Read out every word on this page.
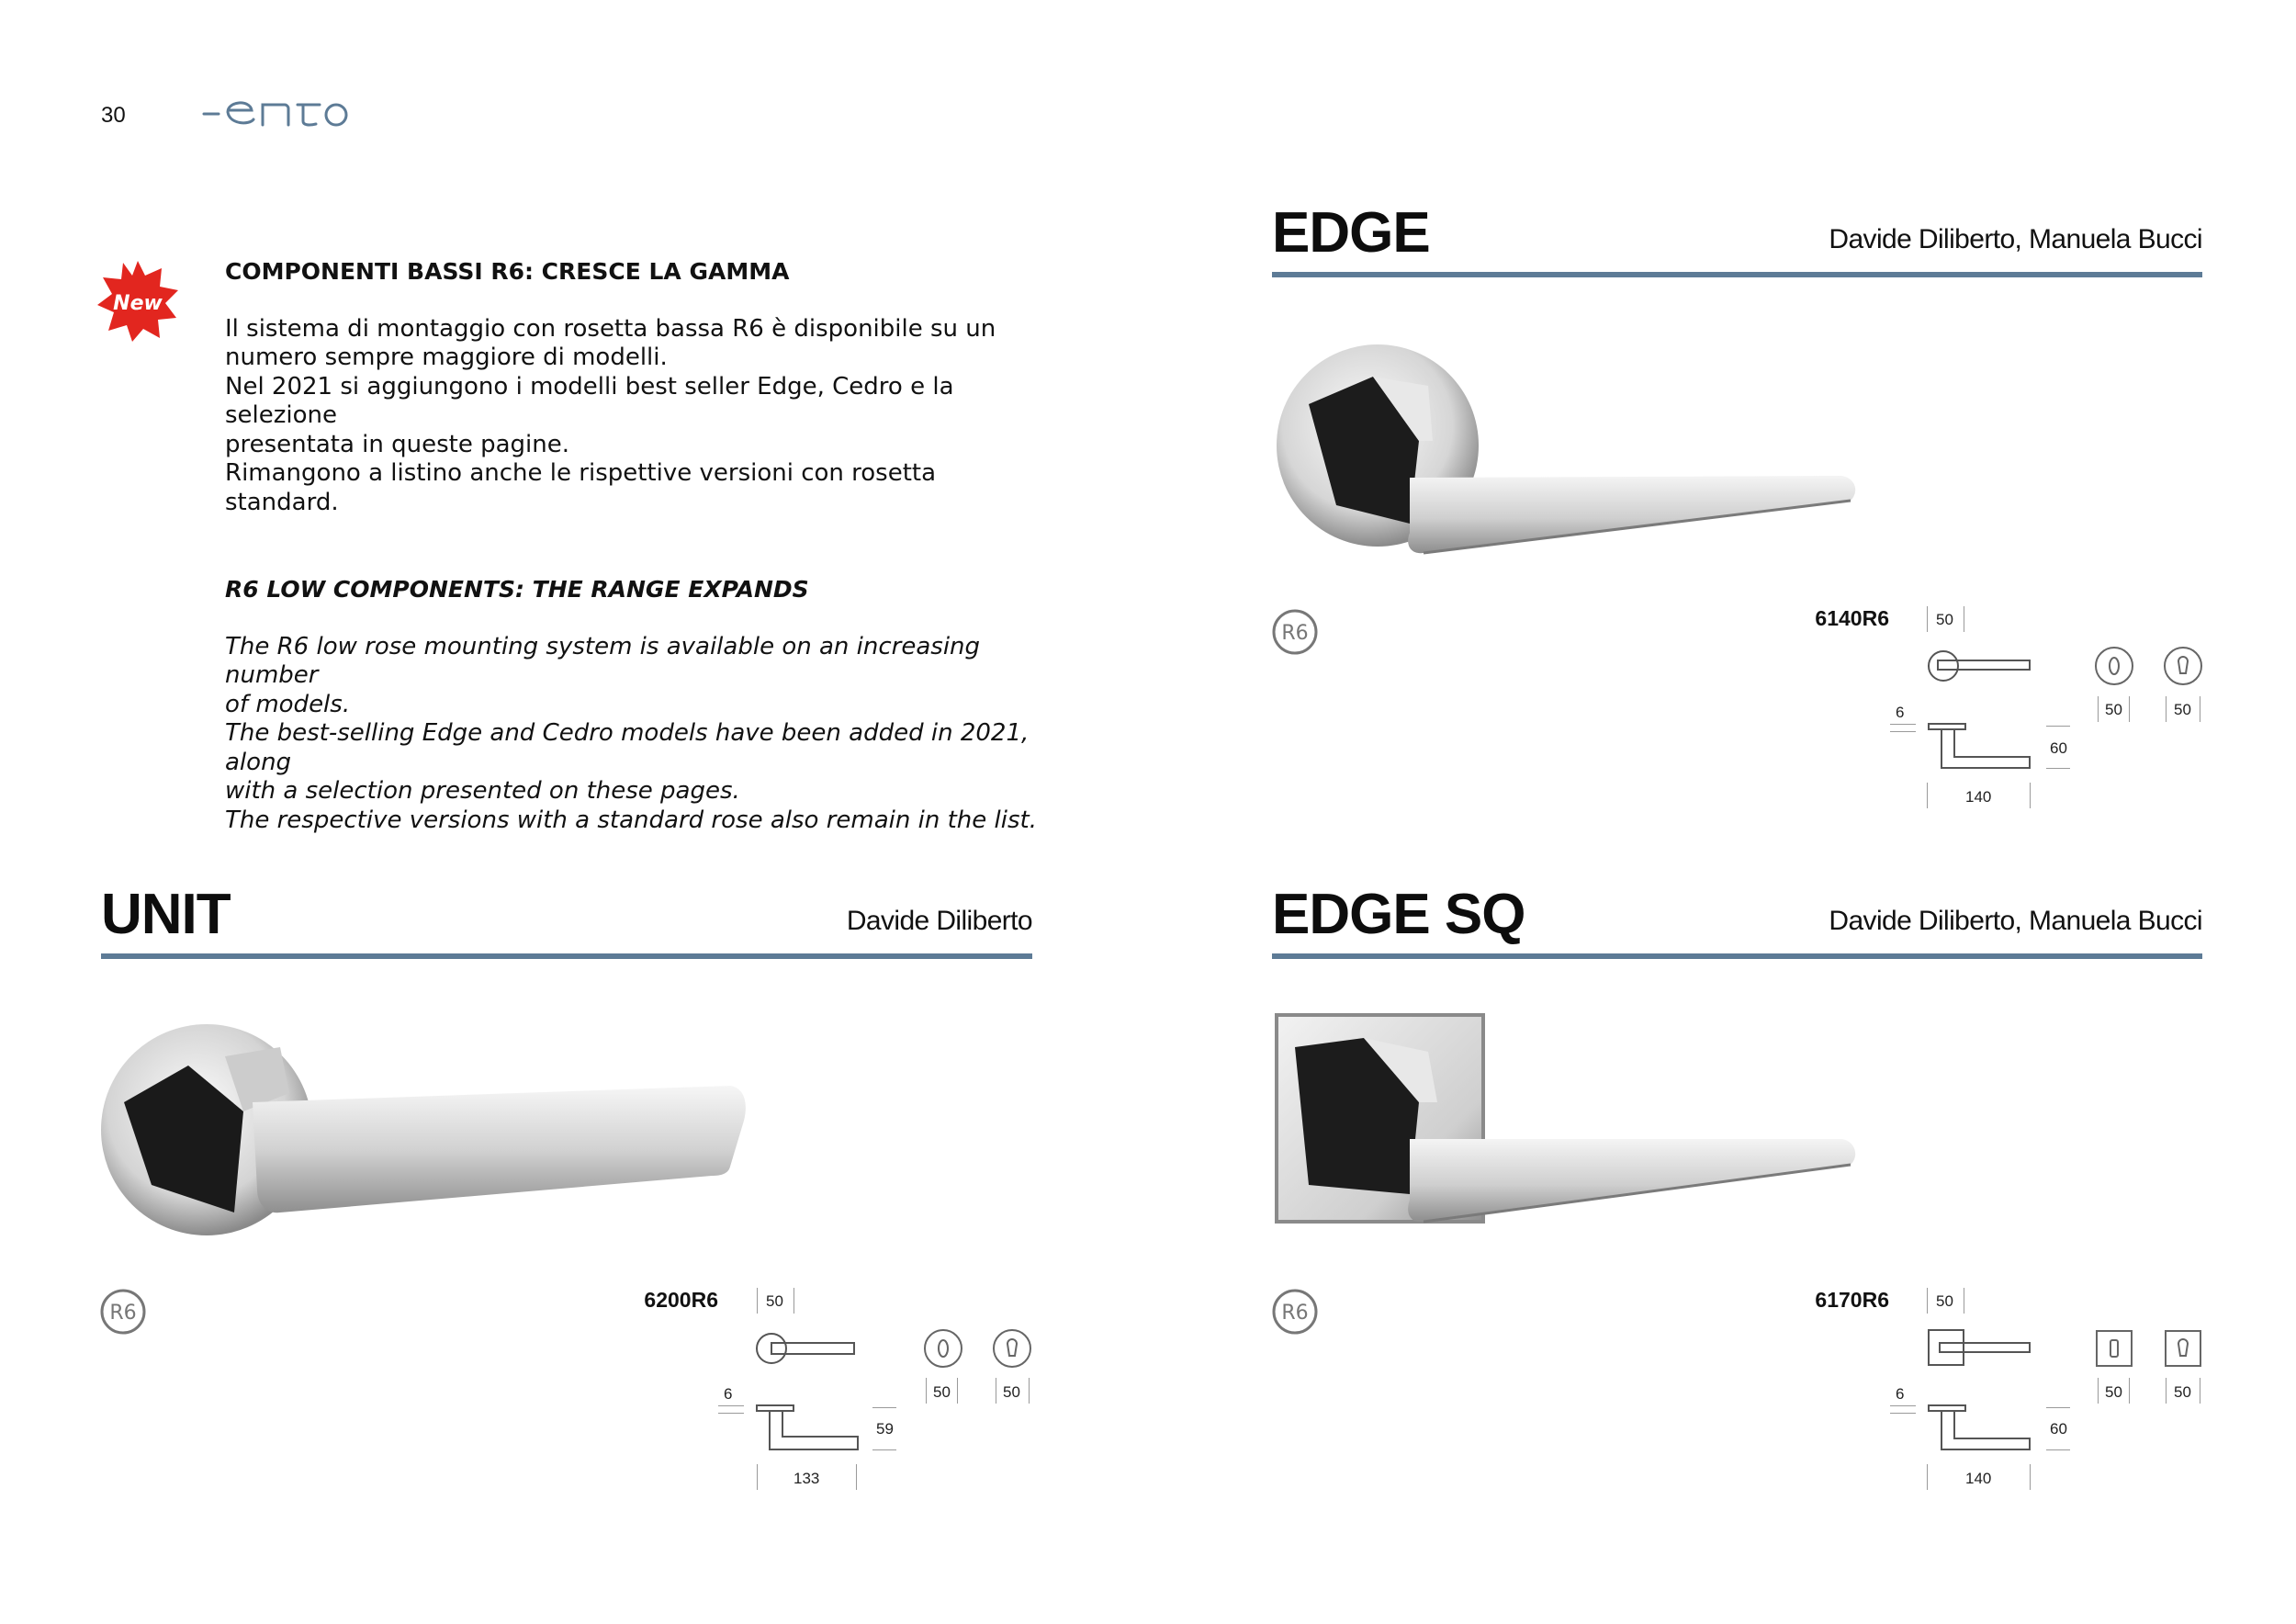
30
New

COMPONENTI BASSI R6: CRESCE LA GAMMA

Il sistema di montaggio con rosetta bassa R6 è disponibile su un
numero sempre maggiore di modelli.
Nel 2021 si aggiungono i modelli best seller Edge, Cedro e la selezione
presentata in queste pagine.
Rimangono a listino anche le rispettive versioni con rosetta standard.

R6 LOW COMPONENTS: THE RANGE EXPANDS

The R6 low rose mounting system is available on an increasing number
of models.
The best-selling Edge and Cedro models have been added in 2021, along
with a selection presented on these pages.
The respective versions with a standard rose also remain in the list.

EDGE	Davide Diliberto, Manuela Bucci
R6
6140R6	50
50	50
6
60
140
UNIT	Davide Diliberto
R6
6200R6	50
50	50
6
59
133
EDGE SQ	Davide Diliberto, Manuela Bucci
R6
6170R6	50
50	50
6
60
140
